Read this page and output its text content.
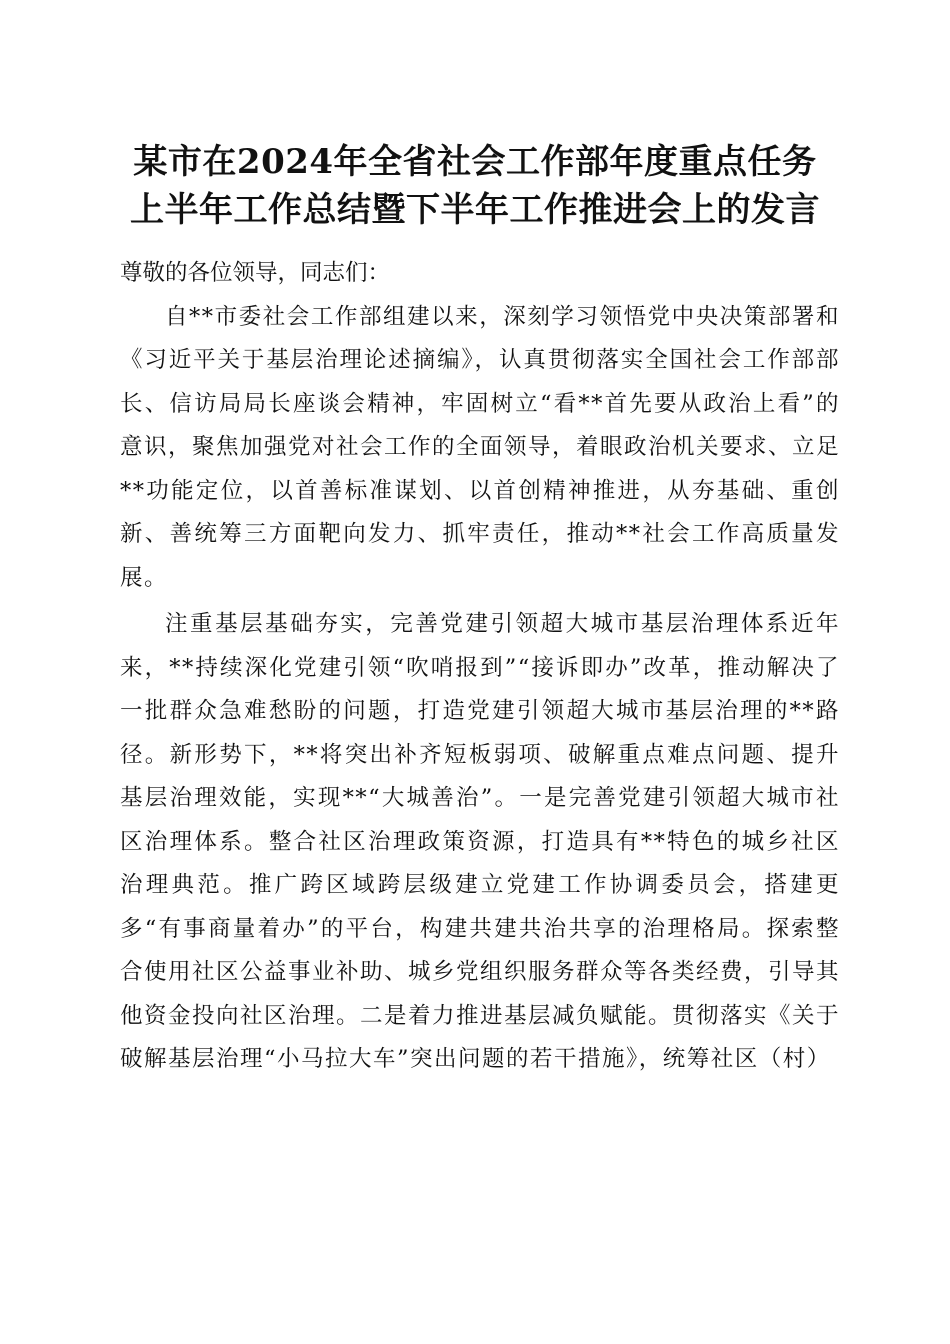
某市在2024年全省社会工作部年度重点任务
上半年工作总结暨下半年工作推进会上的发言

尊敬的各位领导，同志们：

自**市委社会工作部组建以来，深刻学习领悟党中央决策部署和《习近平关于基层治理论述摘编》，认真贯彻落实全国社会工作部部长、信访局局长座谈会精神，牢固树立“看**首先要从政治上看”的意识，聚焦加强党对社会工作的全面领导，着眼政治机关要求、立足**功能定位，以首善标准谋划、以首创精神推进，从夯基础、重创新、善统筹三方面靶向发力、抓牢责任，推动**社会工作高质量发展。

注重基层基础夯实，完善党建引领超大城市基层治理体系近年来，**持续深化党建引领“吹哨报到”“接诉即办”改革，推动解决了一批群众急难愁盼的问题，打造党建引领超大城市基层治理的**路径。新形势下，**将突出补齐短板弱项、破解重点难点问题、提升基层治理效能，实现**“大城善治”。一是完善党建引领超大城市社区治理体系。整合社区治理政策资源，打造具有**特色的城乡社区治理典范。推广跨区域跨层级建立党建工作协调委员会，搭建更多“有事商量着办”的平台，构建共建共治共享的治理格局。探索整合使用社区公益事业补助、城乡党组织服务群众等各类经费，引导其他资金投向社区治理。二是着力推进基层减负赋能。贯彻落实《关于破解基层治理“小马拉大车”突出问题的若干措施》，统筹社区（村）
